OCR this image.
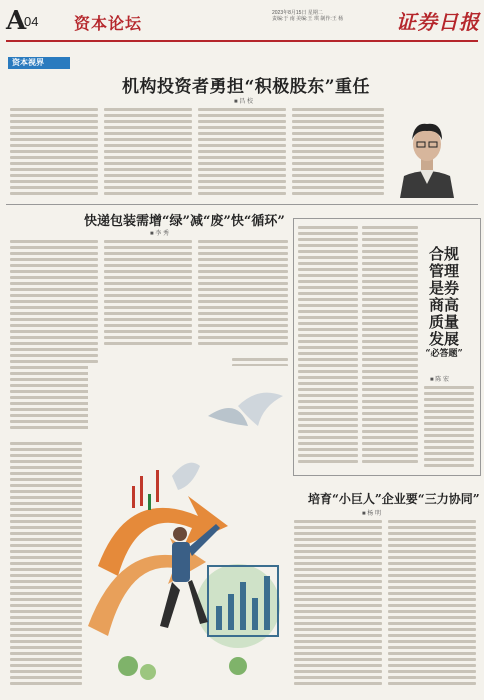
A
04 资本论坛
2023年8月15日 星期二
责编:于 南 美编:王 琪 制作:王 杨	证券日报
资本视界
机构投资者勇担“积极股东”重任
■ 昌 校
快递包装需增“绿”减“废”快“循环”
■ 李 秀
合规
管理
是券
商高
质量
发展
“必答题”
■ 陈 宏
培育“小巨人”企业要“三力协同”
■ 杨 明
